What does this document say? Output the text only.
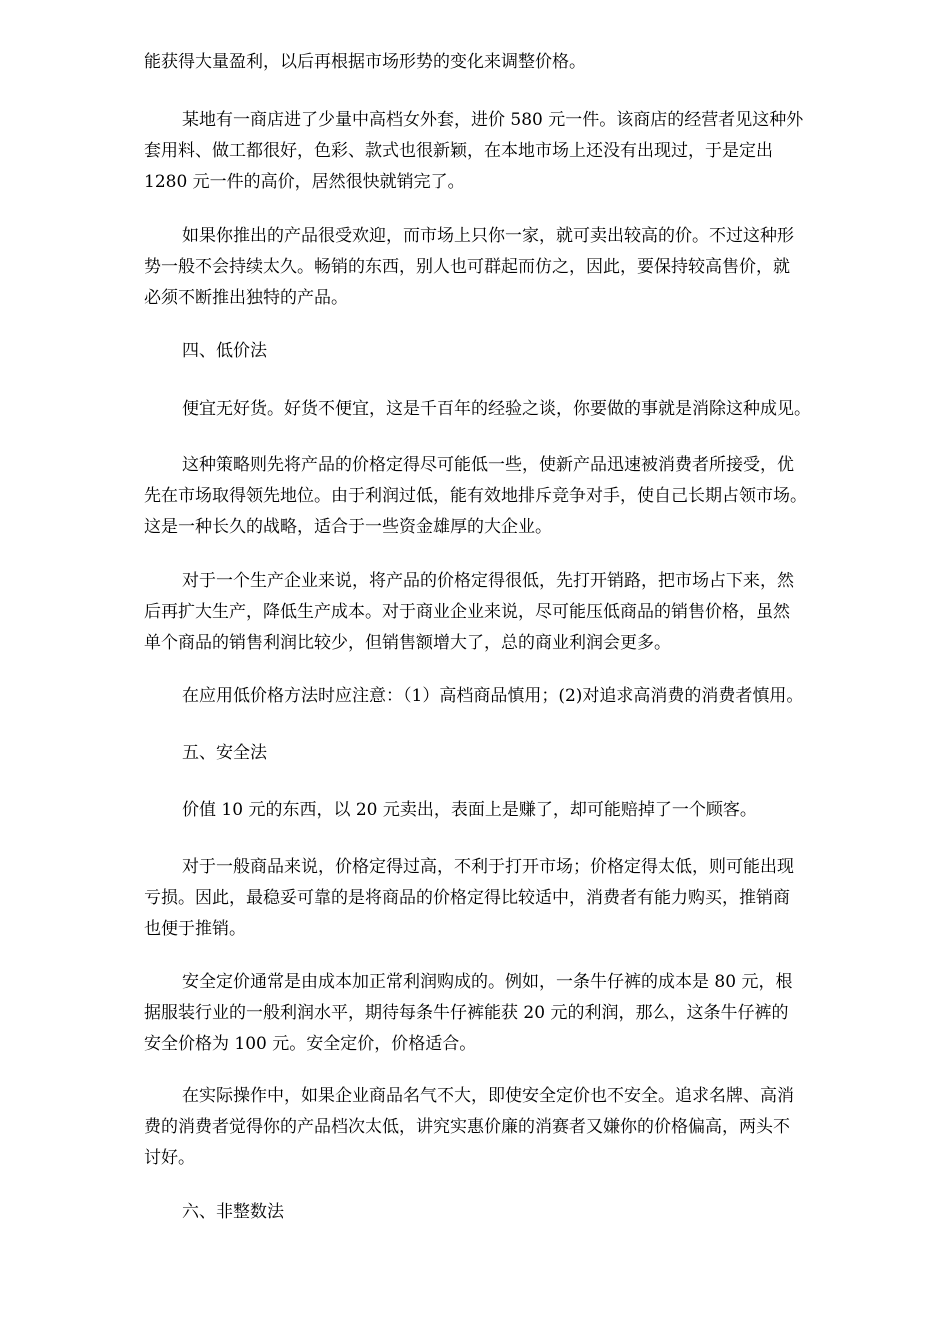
能获得大量盈利，以后再根据市场形势的变化来调整价格。
某地有一商店进了少量中高档女外套，进价 580 元一件。该商店的经营者见这种外
套用料、做工都很好，色彩、款式也很新颖，在本地市场上还没有出现过，于是定出
1280 元一件的高价，居然很快就销完了。
如果你推出的产品很受欢迎，而市场上只你一家，就可卖出较高的价。不过这种形
势一般不会持续太久。畅销的东西，别人也可群起而仿之，因此，要保持较高售价，就
必须不断推出独特的产品。
四、低价法
便宜无好货。好货不便宜，这是千百年的经验之谈，你要做的事就是消除这种成见。
这种策略则先将产品的价格定得尽可能低一些，使新产品迅速被消费者所接受，优
先在市场取得领先地位。由于利润过低，能有效地排斥竞争对手，使自己长期占领市场。
这是一种长久的战略，适合于一些资金雄厚的大企业。
对于一个生产企业来说，将产品的价格定得很低，先打开销路，把市场占下来，然
后再扩大生产，降低生产成本。对于商业企业来说，尽可能压低商品的销售价格，虽然
单个商品的销售利润比较少，但销售额增大了，总的商业利润会更多。
在应用低价格方法时应注意：（1）高档商品慎用；(2)对追求高消费的消费者慎用。
五、安全法
价值 10 元的东西，以 20 元卖出，表面上是赚了，却可能赔掉了一个顾客。
对于一般商品来说，价格定得过高，不利于打开市场；价格定得太低，则可能出现
亏损。因此，最稳妥可靠的是将商品的价格定得比较适中，消费者有能力购买，推销商
也便于推销。
安全定价通常是由成本加正常利润购成的。例如，一条牛仔裤的成本是 80 元，根
据服装行业的一般利润水平，期待每条牛仔裤能获 20 元的利润，那么，这条牛仔裤的
安全价格为 100 元。安全定价，价格适合。
在实际操作中，如果企业商品名气不大，即使安全定价也不安全。追求名牌、高消
费的消费者觉得你的产品档次太低，讲究实惠价廉的消赛者又嫌你的价格偏高，两头不
讨好。
六、非整数法
